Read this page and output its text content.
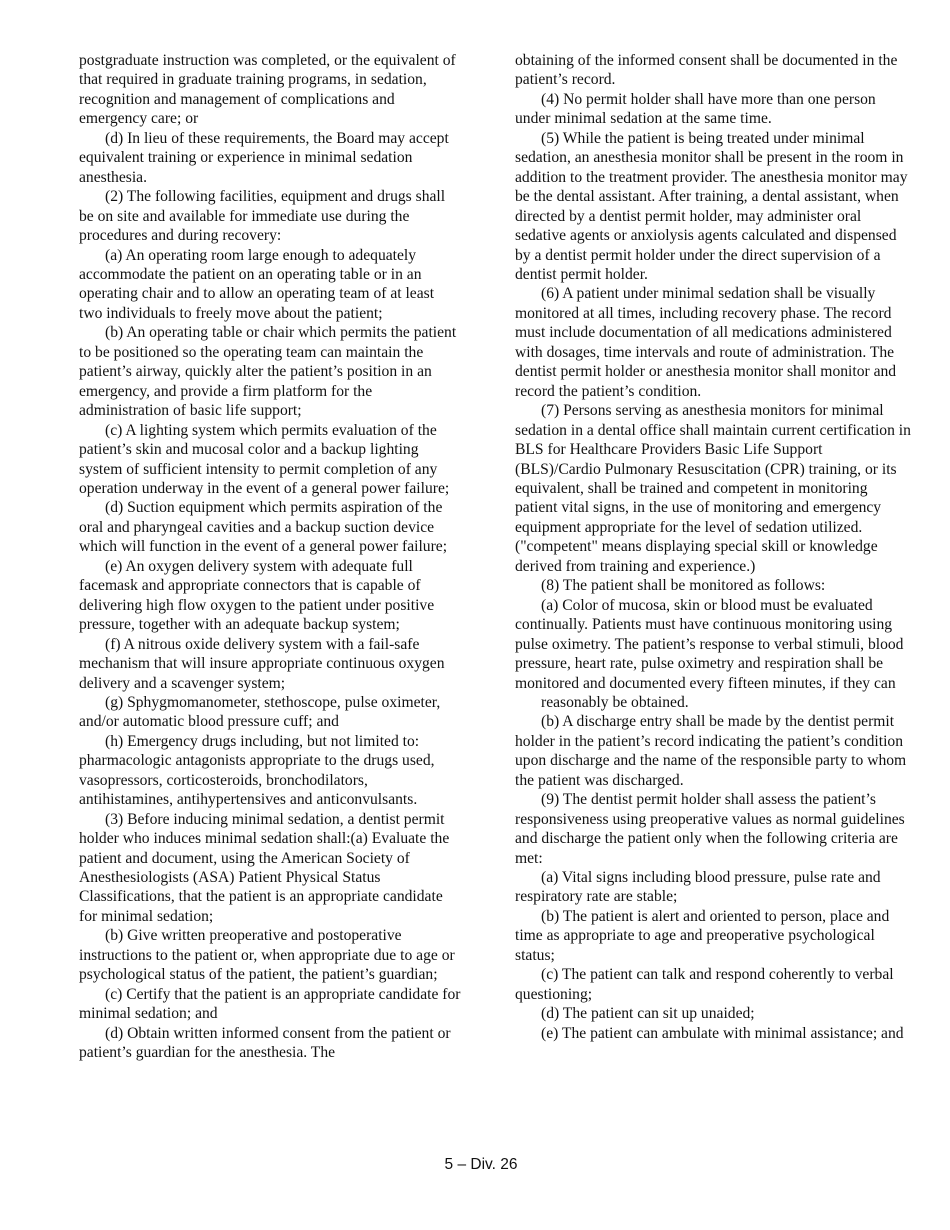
postgraduate instruction was completed, or the equivalent of that required in graduate training programs, in sedation, recognition and management of complications and emergency care; or

(d) In lieu of these requirements, the Board may accept equivalent training or experience in minimal sedation anesthesia.

(2) The following facilities, equipment and drugs shall be on site and available for immediate use during the procedures and during recovery:

(a) An operating room large enough to adequately accommodate the patient on an operating table or in an operating chair and to allow an operating team of at least two individuals to freely move about the patient;

(b) An operating table or chair which permits the patient to be positioned so the operating team can maintain the patient’s airway, quickly alter the patient’s position in an emergency, and provide a firm platform for the administration of basic life support;

(c) A lighting system which permits evaluation of the patient’s skin and mucosal color and a backup lighting system of sufficient intensity to permit completion of any operation underway in the event of a general power failure;

(d) Suction equipment which permits aspiration of the oral and pharyngeal cavities and a backup suction device which will function in the event of a general power failure;

(e) An oxygen delivery system with adequate full facemask and appropriate connectors that is capable of delivering high flow oxygen to the patient under positive pressure, together with an adequate backup system;

(f) A nitrous oxide delivery system with a fail-safe mechanism that will insure appropriate continuous oxygen delivery and a scavenger system;

(g) Sphygmomanometer, stethoscope, pulse oximeter, and/or automatic blood pressure cuff; and

(h) Emergency drugs including, but not limited to: pharmacologic antagonists appropriate to the drugs used, vasopressors, corticosteroids, bronchodilators, antihistamines, antihypertensives and anticonvulsants.

(3) Before inducing minimal sedation, a dentist permit holder who induces minimal sedation shall:(a) Evaluate the patient and document, using the American Society of Anesthesiologists (ASA) Patient Physical Status Classifications, that the patient is an appropriate candidate for minimal sedation;

(b) Give written preoperative and postoperative instructions to the patient or, when appropriate due to age or psychological status of the patient, the patient’s guardian;

(c) Certify that the patient is an appropriate candidate for minimal sedation; and

(d) Obtain written informed consent from the patient or patient’s guardian for the anesthesia. The

obtaining of the informed consent shall be documented in the patient’s record.

(4) No permit holder shall have more than one person under minimal sedation at the same time.

(5) While the patient is being treated under minimal sedation, an anesthesia monitor shall be present in the room in addition to the treatment provider. The anesthesia monitor may be the dental assistant. After training, a dental assistant, when directed by a dentist permit holder, may administer oral sedative agents or anxiolysis agents calculated and dispensed by a dentist permit holder under the direct supervision of a dentist permit holder.

(6) A patient under minimal sedation shall be visually monitored at all times, including recovery phase. The record must include documentation of all medications administered with dosages, time intervals and route of administration. The dentist permit holder or anesthesia monitor shall monitor and record the patient’s condition.

(7) Persons serving as anesthesia monitors for minimal sedation in a dental office shall maintain current certification in BLS for Healthcare Providers Basic Life Support (BLS)/Cardio Pulmonary Resuscitation (CPR) training, or its equivalent, shall be trained and competent in monitoring patient vital signs, in the use of monitoring and emergency equipment appropriate for the level of sedation utilized. ("competent" means displaying special skill or knowledge derived from training and experience.)

(8) The patient shall be monitored as follows:

(a) Color of mucosa, skin or blood must be evaluated continually. Patients must have continuous monitoring using pulse oximetry. The patient’s response to verbal stimuli, blood pressure, heart rate, pulse oximetry and respiration shall be monitored and documented every fifteen minutes, if they can

reasonably be obtained.

(b) A discharge entry shall be made by the dentist permit holder in the patient’s record indicating the patient’s condition upon discharge and the name of the responsible party to whom the patient was discharged.

(9) The dentist permit holder shall assess the patient’s responsiveness using preoperative values as normal guidelines and discharge the patient only when the following criteria are met:

(a) Vital signs including blood pressure, pulse rate and respiratory rate are stable;

(b) The patient is alert and oriented to person, place and time as appropriate to age and preoperative psychological status;

(c) The patient can talk and respond coherently to verbal questioning;

(d) The patient can sit up unaided;

(e) The patient can ambulate with minimal assistance; and

5 – Div. 26
